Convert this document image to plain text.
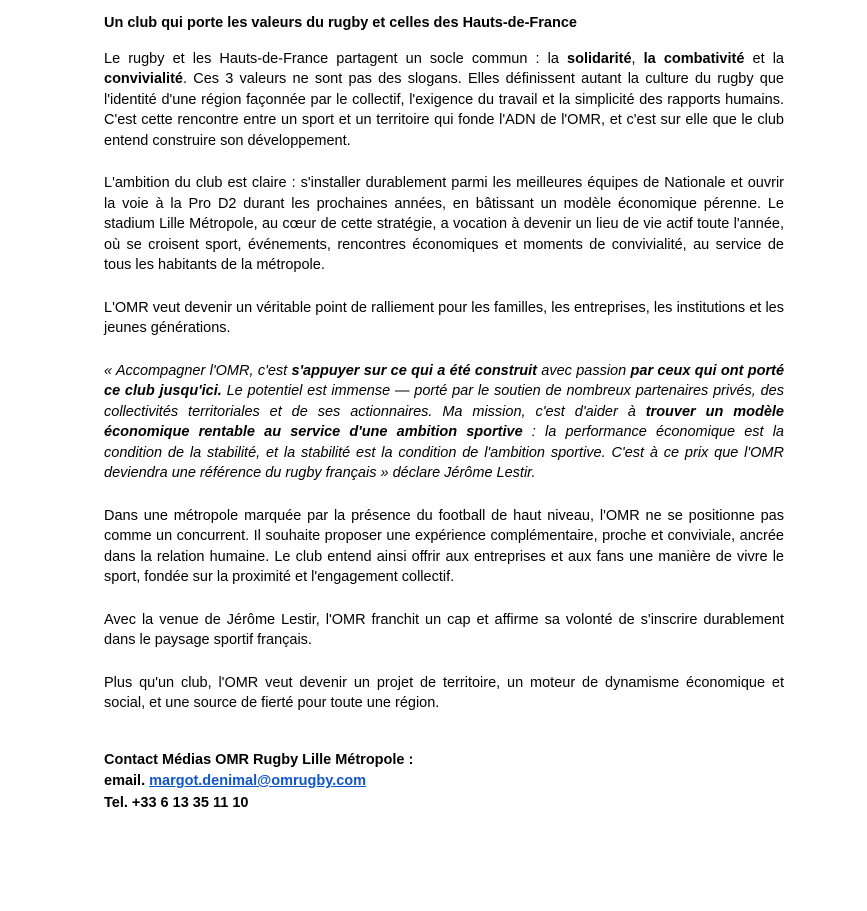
Un club qui porte les valeurs du rugby et celles des Hauts-de-France

Le rugby et les Hauts-de-France partagent un socle commun : la solidarité, la combativité et la convivialité. Ces 3 valeurs ne sont pas des slogans. Elles définissent autant la culture du rugby que l'identité d'une région façonnée par le collectif, l'exigence du travail et la simplicité des rapports humains. C'est cette rencontre entre un sport et un territoire qui fonde l'ADN de l'OMR, et c'est sur elle que le club entend construire son développement.

L'ambition du club est claire : s'installer durablement parmi les meilleures équipes de Nationale et ouvrir la voie à la Pro D2 durant les prochaines années, en bâtissant un modèle économique pérenne. Le stadium Lille Métropole, au cœur de cette stratégie, a vocation à devenir un lieu de vie actif toute l'année, où se croisent sport, événements, rencontres économiques et moments de convivialité, au service de tous les habitants de la métropole.

L'OMR veut devenir un véritable point de ralliement pour les familles, les entreprises, les institutions et les jeunes générations.

« Accompagner l'OMR, c'est s'appuyer sur ce qui a été construit avec passion par ceux qui ont porté ce club jusqu'ici. Le potentiel est immense — porté par le soutien de nombreux partenaires privés, des collectivités territoriales et de ses actionnaires. Ma mission, c'est d'aider à trouver un modèle économique rentable au service d'une ambition sportive : la performance économique est la condition de la stabilité, et la stabilité est la condition de l'ambition sportive. C'est à ce prix que l'OMR deviendra une référence du rugby français » déclare Jérôme Lestir.

Dans une métropole marquée par la présence du football de haut niveau, l'OMR ne se positionne pas comme un concurrent. Il souhaite proposer une expérience complémentaire, proche et conviviale, ancrée dans la relation humaine. Le club entend ainsi offrir aux entreprises et aux fans une manière de vivre le sport, fondée sur la proximité et l'engagement collectif.

Avec la venue de Jérôme Lestir, l'OMR franchit un cap et affirme sa volonté de s'inscrire durablement dans le paysage sportif français.

Plus qu'un club, l'OMR veut devenir un projet de territoire, un moteur de dynamisme économique et social, et une source de fierté pour toute une région.

Contact Médias OMR Rugby Lille Métropole :

email. margot.denimal@omrugby.com

Tel. +33 6 13 35 11 10
